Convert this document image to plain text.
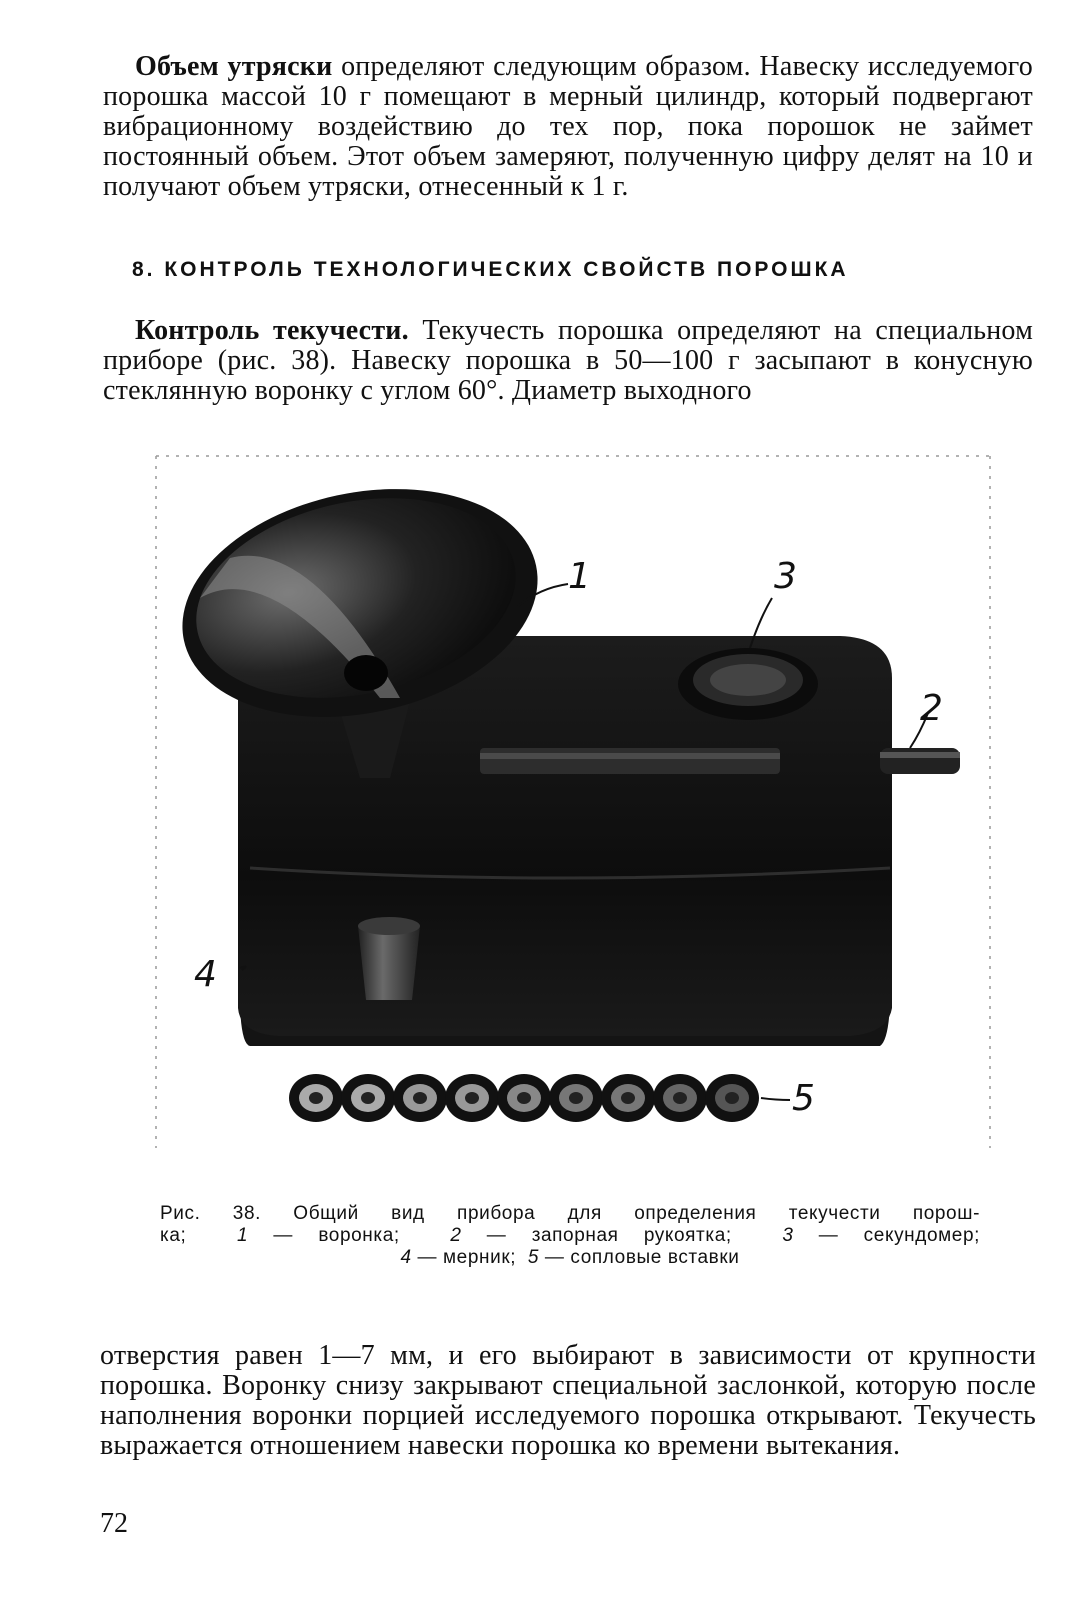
Объем утряски определяют следующим образом. Навеску исследуемого порошка массой 10 г помещают в мерный цилиндр, который подвергают вибрационному воздействию до тех пор, пока порошок не займет постоянный объем. Этот объем замеряют, полученную цифру делят на 10 и получают объем утряски, отнесенный к 1 г.

8. КОНТРОЛЬ ТЕХНОЛОГИЧЕСКИХ СВОЙСТВ ПОРОШКА

Контроль текучести. Текучесть порошка определяют на специальном приборе (рис. 38). Навеску порошка в 50—100 г засыпают в конусную стеклянную воронку с углом 60°. Диаметр выходного

1
2
3
4
5
Рис. 38. Общий вид прибора для определения текучести порош-
ка;	1 — воронка;	2 — запорная рукоятка;	3 — секундомер;
4 — мерник; 5 — сопловые вставки

отверстия равен 1—7 мм, и его выбирают в зависимости от крупности порошка. Воронку снизу закрывают специальной заслонкой, которую после наполнения воронки порцией исследуемого порошка открывают. Текучесть выражается отношением навески порошка ко времени вытекания.

72
